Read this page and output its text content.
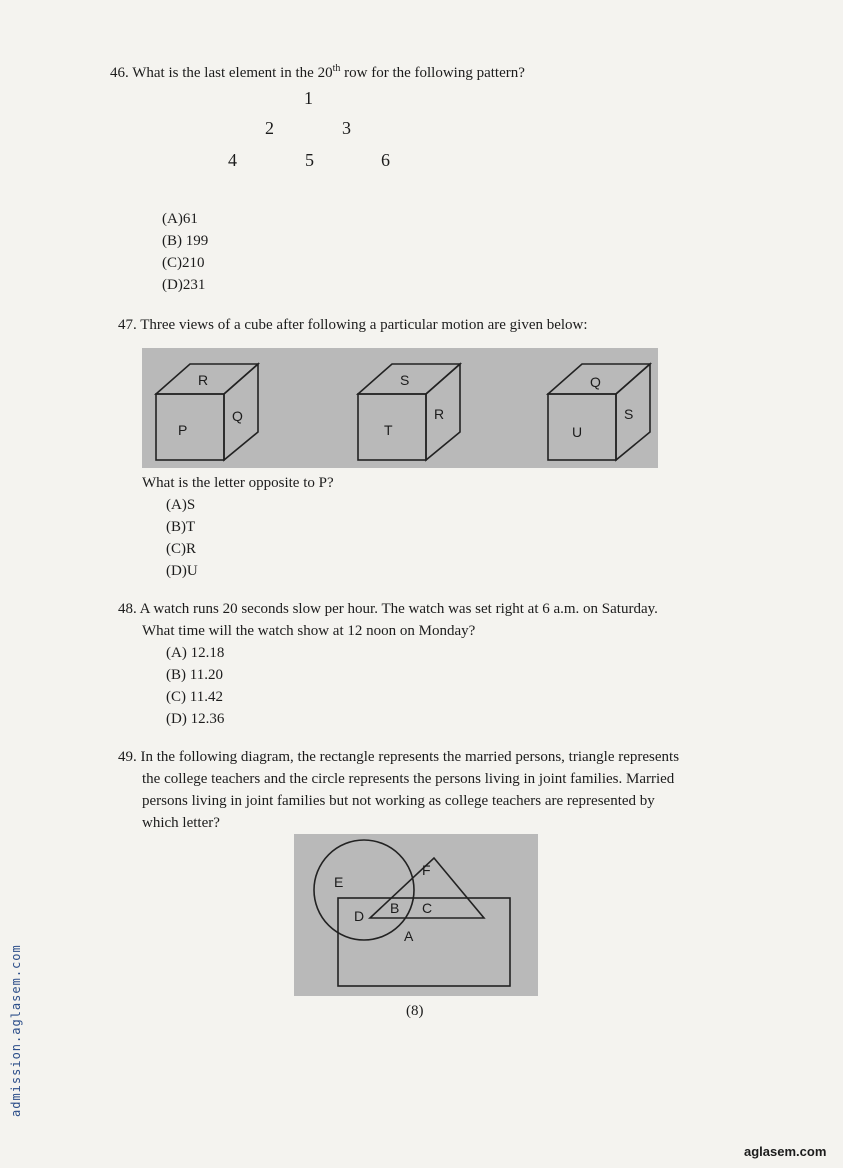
46. What is the last element in the 20th row for the following pattern?
1
2	3
4	5	6
(A)61
(B) 199
(C)210
(D)231
47. Three views of a cube after following a particular motion are given below:
R
P
Q
S
T
R
Q
U
S
What is the letter opposite to P?
(A)S
(B)T
(C)R
(D)U
48. A watch runs 20 seconds slow per hour. The watch was set right at 6 a.m. on Saturday.
What time will the watch show at 12 noon on Monday?
(A) 12.18
(B) 11.20
(C) 11.42
(D) 12.36
49. In the following diagram, the rectangle represents the married persons, triangle represents
the college teachers and the circle represents the persons living in joint families. Married
persons living in joint families but not working as college teachers are represented by
which letter?
E
F
D B C
A
(8)
admission.aglasem.com
aglasem.com
